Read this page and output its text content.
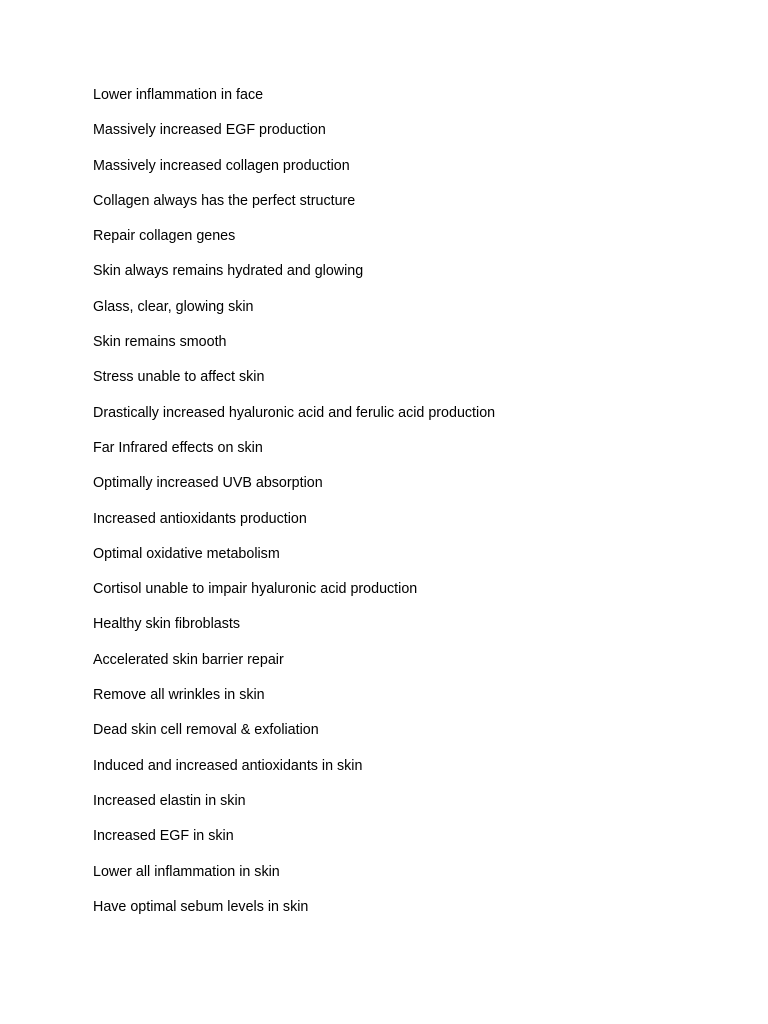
Lower inflammation in face
Massively increased EGF production
Massively increased collagen production
Collagen always has the perfect structure
Repair collagen genes
Skin always remains hydrated and glowing
Glass, clear, glowing skin
Skin remains smooth
Stress unable to affect skin
Drastically increased hyaluronic acid and ferulic acid production
Far Infrared effects on skin
Optimally increased UVB absorption
Increased antioxidants production
Optimal oxidative metabolism
Cortisol unable to impair hyaluronic acid production
Healthy skin fibroblasts
Accelerated skin barrier repair
Remove all wrinkles in skin
Dead skin cell removal & exfoliation
Induced and increased antioxidants in skin
Increased elastin in skin
Increased EGF in skin
Lower all inflammation in skin
Have optimal sebum levels in skin
